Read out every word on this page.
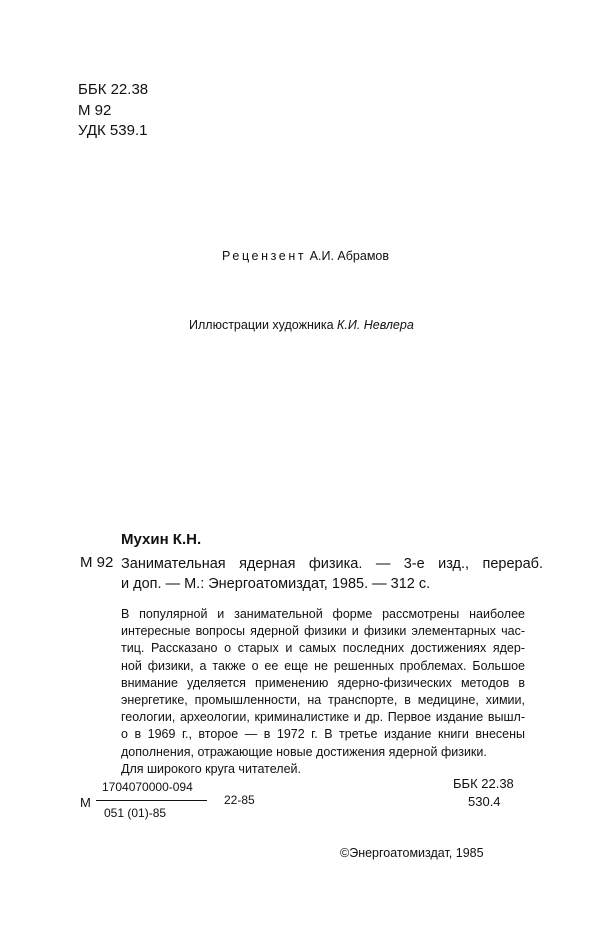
ББК 22.38
М 92
УДК 539.1
Рецензент А.И. Абрамов
Иллюстрации художника К.И. Невлера
Мухин К.Н.
М 92 Занимательная ядерная физика. — 3-е изд., перераб.
и доп. — М.: Энергоатомиздат, 1985. — 312 с.
В популярной и занимательной форме рассмотрены наиболее
интересные вопросы ядерной физики и физики элементарных час-
тиц. Рассказано о старых и самых последних достижениях ядер-
ной физики, а также о ее еще не решенных проблемах. Большое
внимание уделяется применению ядерно-физических методов в
энергетике, промышленности, на транспорте, в медицине, химии,
геологии, археологии, криминалистике и др. Первое издание вышл-
о в 1969 г., второе — в 1972 г. В третье издание книги внесены
дополнения, отражающие новые достижения ядерной физики.
Для широкого круга читателей.
М
1704070000-094
051 (01)-85
22-85
ББК 22.38
530.4
©Энергоатомиздат, 1985
